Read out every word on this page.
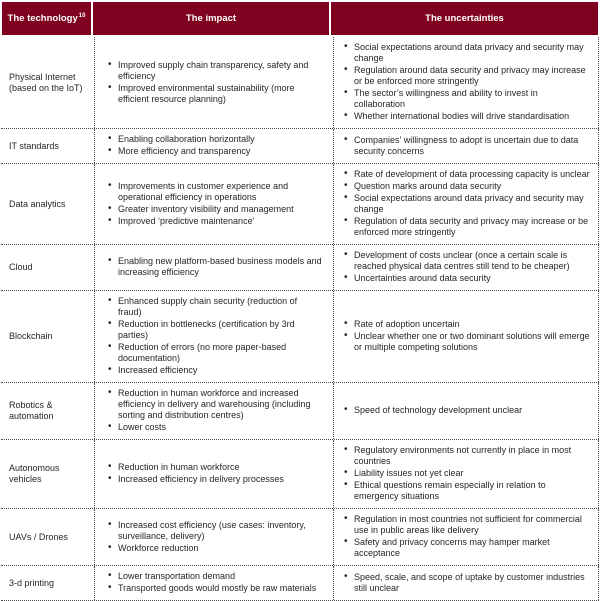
The technology$^{10}$	The impact	The uncertainties
Physical Internet (based on the IoT)
• Improved supply chain transparency, safety and efficiency
• Improved environmental sustainability (more efficient resource planning)
• Social expectations around data privacy and security may change
• Regulation around data security and privacy may increase or be enforced more stringently
• The sector’s willingness and ability to invest in collaboration
• Whether international bodies will drive standardisation
IT standards
• Enabling collaboration horizontally
• More efficiency and transparency
• Companies’ willingness to adopt is uncertain due to data security concerns
Data analytics
• Improvements in customer experience and operational efficiency in operations
• Greater inventory visibility and management
• Improved ‘predictive maintenance’
• Rate of development of data processing capacity is unclear
• Question marks around data security
• Social expectations around data privacy and security may change
• Regulation of data security and privacy may increase or be enforced more stringently
Cloud
• Enabling new platform-based business models and increasing efficiency
• Development of costs unclear (once a certain scale is reached physical data centres still tend to be cheaper)
• Uncertainties around data security
Blockchain
• Enhanced supply chain security (reduction of fraud)
• Reduction in bottlenecks (certification by 3rd parties)
• Reduction of errors (no more paper-based documentation)
• Increased efficiency
• Rate of adoption uncertain
• Unclear whether one or two dominant solutions will emerge or multiple competing solutions
Robotics & automation
• Reduction in human workforce and increased efficiency in delivery and warehousing (including sorting and distribution centres)
• Lower costs
• Speed of technology development unclear
Autonomous vehicles
• Reduction in human workforce
• Increased efficiency in delivery processes
• Regulatory environments not currently in place in most countries
• Liability issues not yet clear
• Ethical questions remain especially in relation to emergency situations
UAVs / Drones
• Increased cost efficiency (use cases: inventory, surveillance, delivery)
• Workforce reduction
• Regulation in most countries not sufficient for commercial use in public areas like delivery
• Safety and privacy concerns may hamper market acceptance
3-d printing
• Lower transportation demand
• Transported goods would mostly be raw materials
• Speed, scale, and scope of uptake by customer industries still unclear
